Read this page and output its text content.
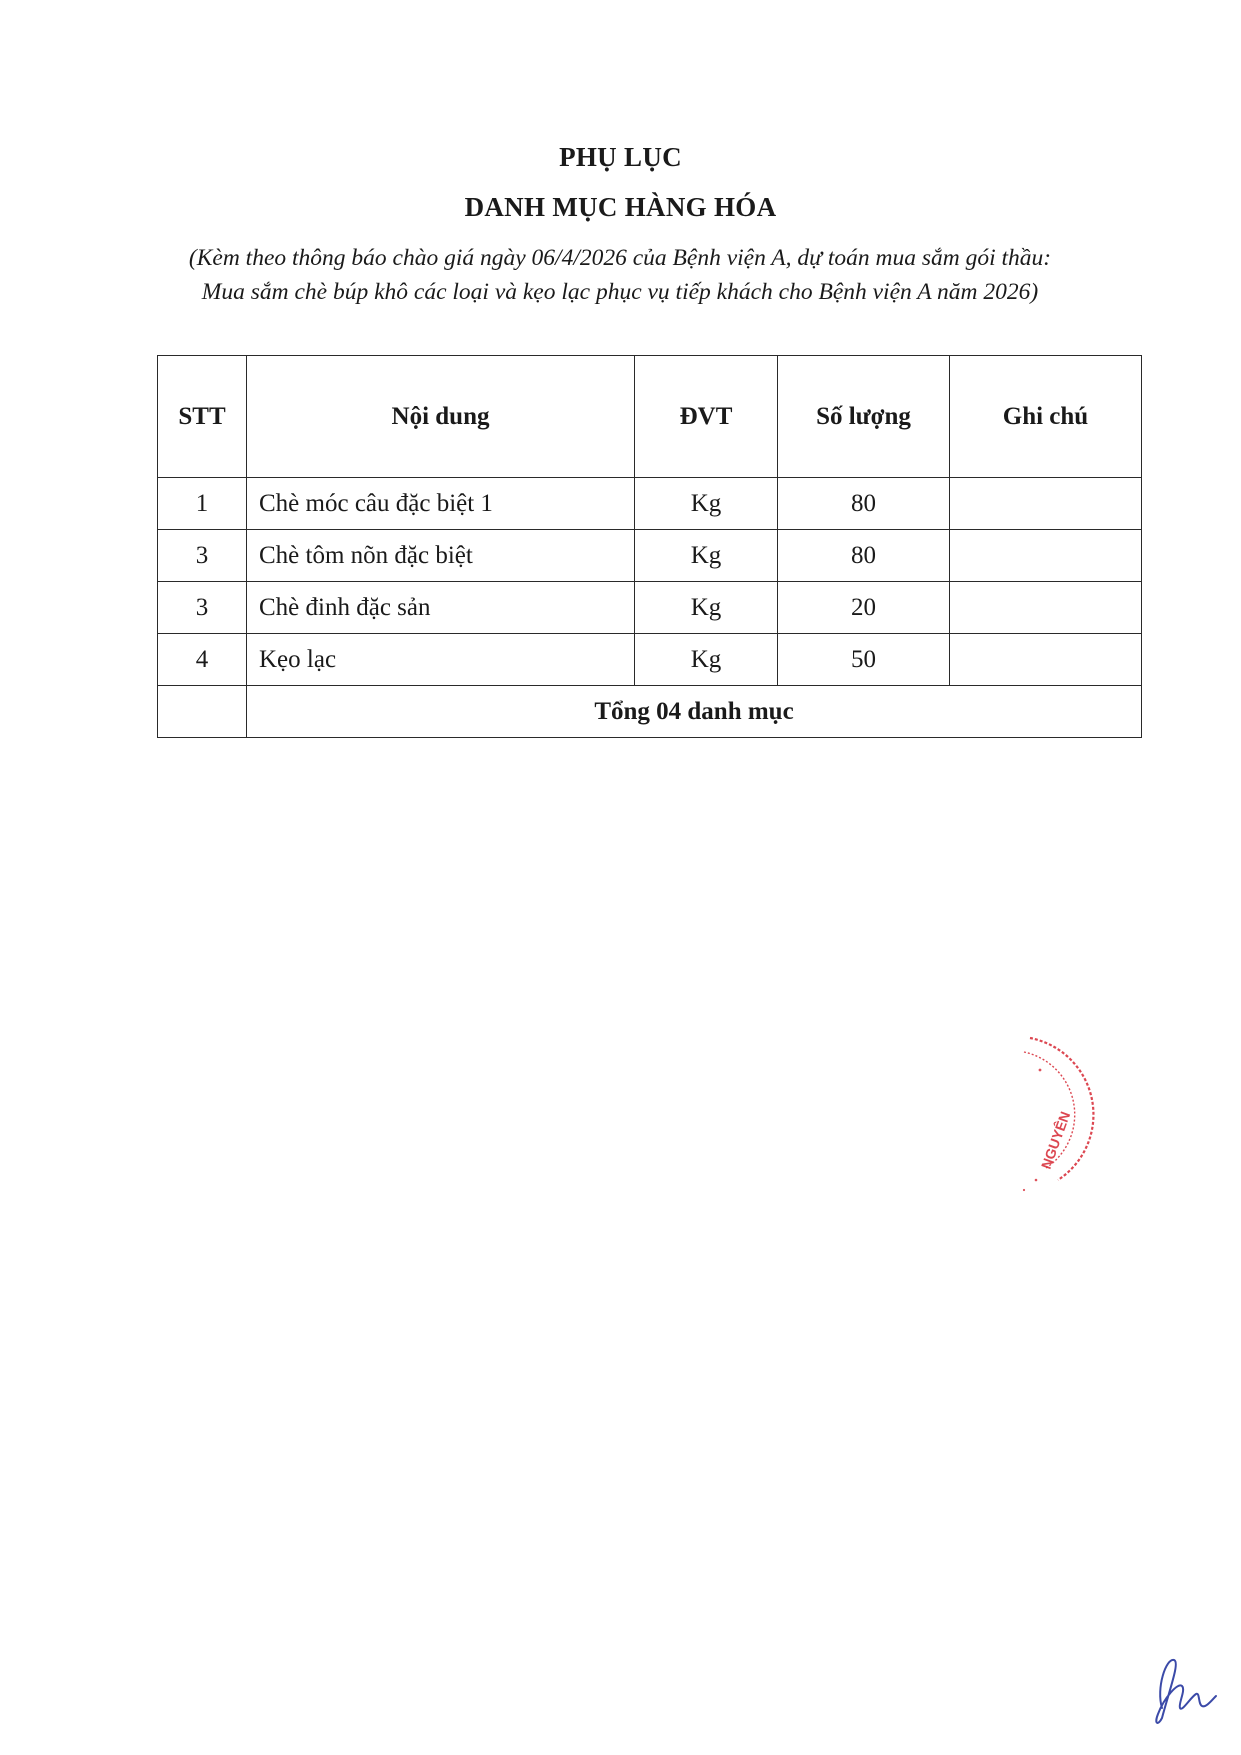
PHỤ LỤC
DANH MỤC HÀNG HÓA
(Kèm theo thông báo chào giá ngày 06/4/2026 của Bệnh viện A, dự toán mua sắm gói thầu:
Mua sắm chè búp khô các loại và kẹo lạc phục vụ tiếp khách cho Bệnh viện A năm 2026)
STT	Nội dung	ĐVT	Số lượng	Ghi chú
1	Chè móc câu đặc biệt 1	Kg	80	
3	Chè tôm nõn đặc biệt	Kg	80	
3	Chè đinh đặc sản	Kg	20	
4	Kẹo lạc	Kg	50	
	Tổng 04 danh mục			
NGUYÊN
